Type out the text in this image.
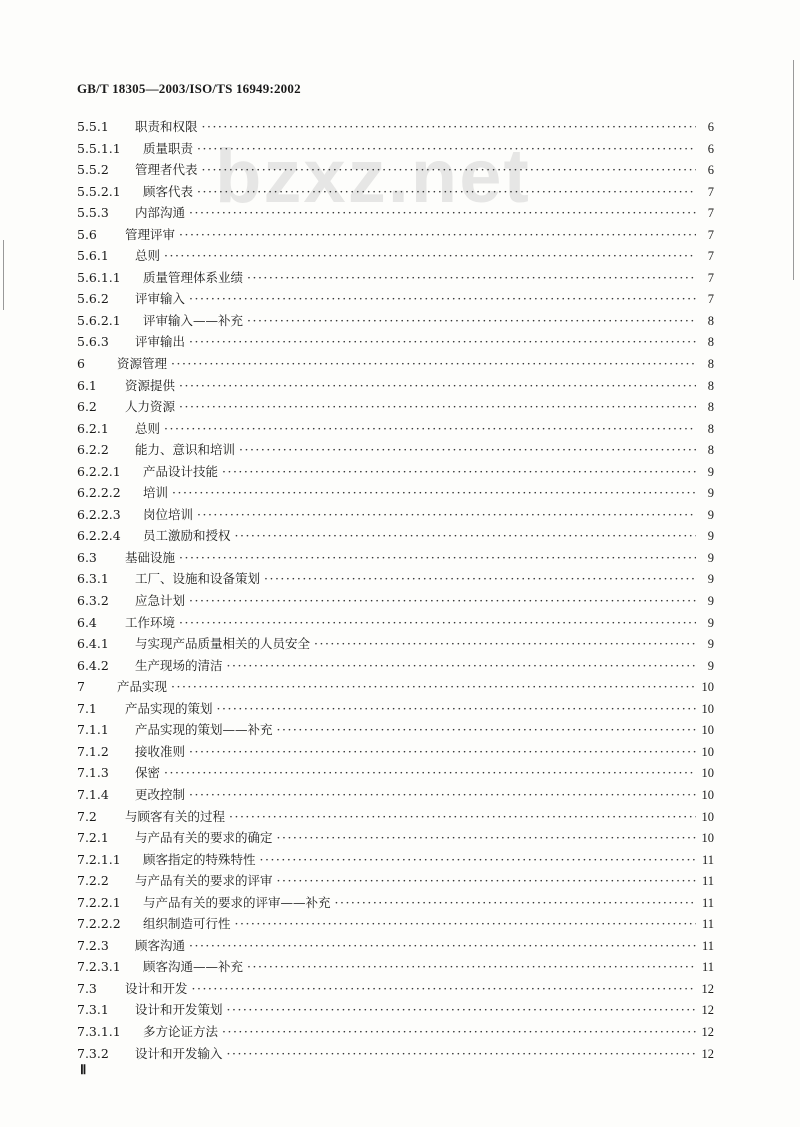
GB/T 18305—2003/ISO/TS 16949:2002
bzxz.net
5.5.1	职责和权限 ·····	6
5.5.1.1	质量职责 ·····	6
5.5.2	管理者代表 ·····	6
5.5.2.1	顾客代表 ·····	7
5.5.3	内部沟通 ·····	7
5.6	管理评审 ·····	7
5.6.1	总则 ·····	7
5.6.1.1	质量管理体系业绩 ·····	7
5.6.2	评审输入 ·····	7
5.6.2.1	评审输入——补充 ·····	8
5.6.3	评审输出 ·····	8
6	资源管理 ·····	8
6.1	资源提供 ·····	8
6.2	人力资源 ·····	8
6.2.1	总则 ·····	8
6.2.2	能力、意识和培训 ·····	8
6.2.2.1	产品设计技能 ·····	9
6.2.2.2	培训 ·····	9
6.2.2.3	岗位培训 ·····	9
6.2.2.4	员工激励和授权 ·····	9
6.3	基础设施 ·····	9
6.3.1	工厂、设施和设备策划 ·····	9
6.3.2	应急计划 ·····	9
6.4	工作环境 ·····	9
6.4.1	与实现产品质量相关的人员安全 ·····	9
6.4.2	生产现场的清洁 ·····	9
7	产品实现 ·····	10
7.1	产品实现的策划 ·····	10
7.1.1	产品实现的策划——补充 ·····	10
7.1.2	接收准则 ·····	10
7.1.3	保密 ·····	10
7.1.4	更改控制 ·····	10
7.2	与顾客有关的过程 ·····	10
7.2.1	与产品有关的要求的确定 ·····	10
7.2.1.1	顾客指定的特殊特性 ·····	11
7.2.2	与产品有关的要求的评审 ·····	11
7.2.2.1	与产品有关的要求的评审——补充 ·····	11
7.2.2.2	组织制造可行性 ·····	11
7.2.3	顾客沟通 ·····	11
7.2.3.1	顾客沟通——补充 ·····	11
7.3	设计和开发 ·····	12
7.3.1	设计和开发策划 ·····	12
7.3.1.1	多方论证方法 ·····	12
7.3.2	设计和开发输入 ·····	12
Ⅱ
